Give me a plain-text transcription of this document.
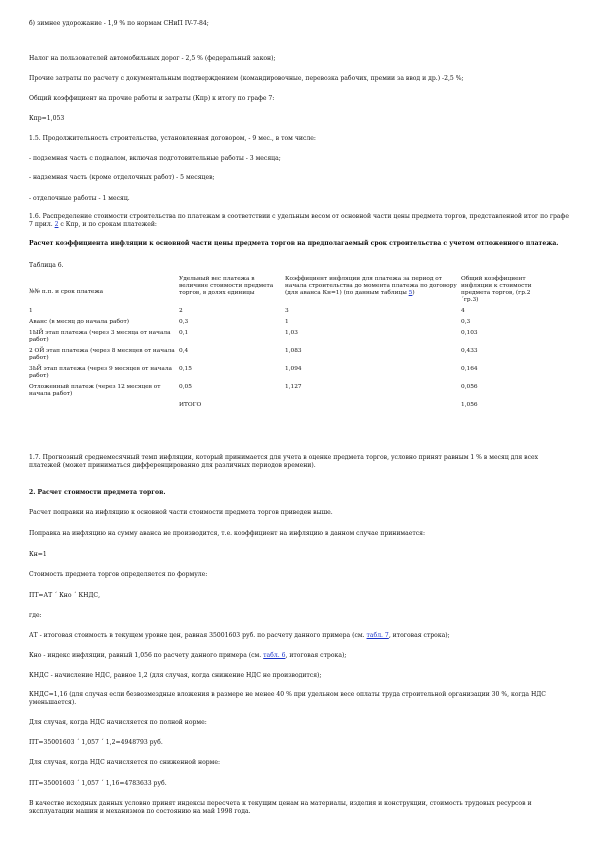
б) зимнее удорожание - 1,9 % по нормам СНиП IV-7-84;

Налог на пользователей автомобильных дорог - 2,5 % (федеральный закон);

Прочие затраты по расчету с документальным подтверждением (командировочные, перевозка рабочих, премии за ввод и др.) -2,5 %;

Общий коэффициент на прочие работы и затраты (Кпр) к итогу по графе 7:

Кпр=1,053

1.5. Продолжительность строительства, установленная договором, - 9 мес., в том числе:

- подземная часть с подвалом, включая подготовительные работы - 3 месяца;

- надземная часть (кроме отделочных работ) - 5 месяцев;

- отделочные работы - 1 месяц.

1.6. Распределение стоимости строительства по платежам в соответствии с удельным весом от основной части цены предмета торгов, представленной итог по графе 7 прил. 2 с Кпр, и по срокам платежей:

Расчет коэффициента инфляции к основной части цены предмета торгов на предполагаемый срок строительства с учетом отложенного платежа.

Таблица 6.

№№ п.п. и срок платежа	Удельный вес платежа в величине стоимости предмета торгов, в долях единицы	Коэффициент инфляции для платежа за период от начала строительства до момента платежа по договору (для аванса Кн=1) (по данным таблицы 5)	Общий коэффициент инфляции к стоимости предмета торгов, (гр.2´гр.3)
1	2	3	4
Аванс (в месяц до начала работ)	0,3	1	0,3
1ЫЙ этап платежа (через 3 месяца от начала работ)	0,1	1,03	0,103
2 ОЙ этап платежа (через 8 месяцев от начала работ)	0,4	1,083	0,433
3ЬЙ этап платежа (через 9 месяцев от начала работ)	0,15	1,094	0,164
Отложенный платеж (через 12 месяцев от начала работ)	0,05	1,127	0,056
	ИТОГО		1,056

1.7. Прогнозный среднемесячный темп инфляции, который принимается для учета в оценке предмета торгов, условно принят равным 1 % в месяц для всех платежей (может приниматься дифференцированно для различных периодов времени).

2. Расчет стоимости предмета торгов.

Расчет поправки на инфляцию к основной части стоимости предмета торгов приведен выше.

Поправка на инфляцию на сумму аванса не производится, т.е. коэффициент на инфляцию в данном случае принимается:

Кн=1

Стоимость предмета торгов определяется по формуле:

ПТ=АТ ´ Кно ´ КНДС,

где:

АТ - итоговая стоимость в текущем уровне цен, равная 35001603 руб. по расчету данного примера (см. табл. 7, итоговая строка);

Кно - индекс инфляции, равный 1,056 по расчету данного примера (см. табл. 6, итоговая строка);

КНДС - начисление НДС, равное 1,2 (для случая, когда снижение НДС не производится);

КНДС=1,16 (для случая если безвозмездные вложения в размере не менее 40 % при удельном весе оплаты труда строительной организации 30 %, когда НДС уменьшается).

Для случая, когда НДС начисляется по полной норме:

ПТ=35001603 ´ 1,057 ´ 1,2=4948793 руб.

Для случая, когда НДС начисляется по сниженной норме:

ПТ=35001603 ´ 1,057 ´ 1,16=4783633 руб.

В качестве исходных данных условно принят индексы пересчета к текущим ценам на материалы, изделия и конструкции, стоимость трудовых ресурсов и эксплуатации машин и механизмов по состоянию на май 1998 года.
